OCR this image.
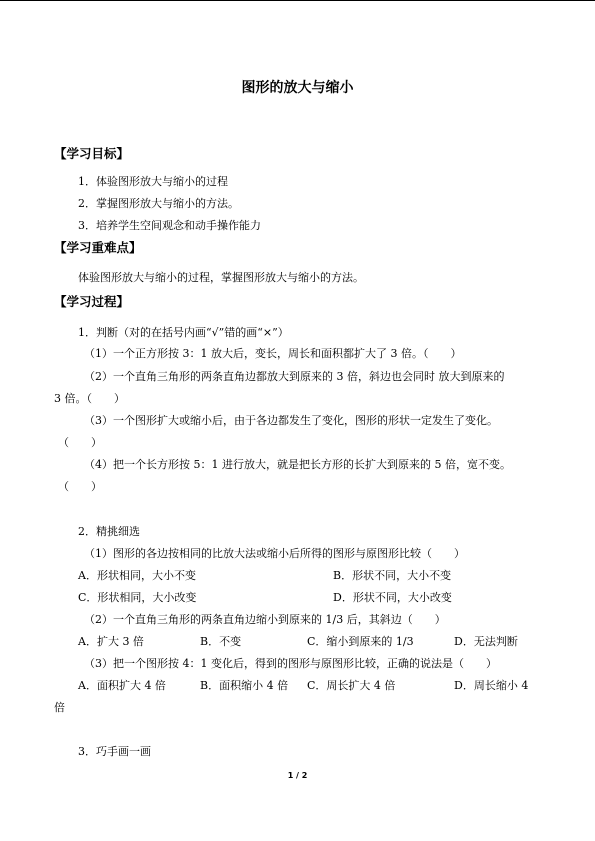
图形的放大与缩小
【学习目标】
1．体验图形放大与缩小的过程
2．掌握图形放大与缩小的方法。
3．培养学生空间观念和动手操作能力
【学习重难点】
体验图形放大与缩小的过程，掌握图形放大与缩小的方法。
【学习过程】
1．判断（对的在括号内画“√”错的画“×”）
（1）一个正方形按 3：1 放大后，变长，周长和面积都扩大了 3 倍。（　　）
（2）一个直角三角形的两条直角边都放大到原来的 3 倍，斜边也会同时 放大到原来的
3 倍。（　　）
（3）一个图形扩大或缩小后，由于各边都发生了变化，图形的形状一定发生了变化。
（　　）
（4）把一个长方形按 5：1 进行放大，就是把长方形的长扩大到原来的 5 倍，宽不变。
（　　）
2．精挑细选
（1）图形的各边按相同的比放大法或缩小后所得的图形与原图形比较（　　）
A．形状相同，大小不变	B．形状不同，大小不变
C．形状相同，大小改变	D．形状不同，大小改变
（2）一个直角三角形的两条直角边缩小到原来的 1/3 后，其斜边（　　）
A．扩大 3 倍	B．不变	C．缩小到原来的 1/3	D．无法判断
（3）把一个图形按 4：1 变化后，得到的图形与原图形比较，正确的说法是（　　）
A．面积扩大 4 倍	B．面积缩小 4 倍 C．周长扩大 4 倍	D．周长缩小 4
倍
3．巧手画一画
1 / 2
